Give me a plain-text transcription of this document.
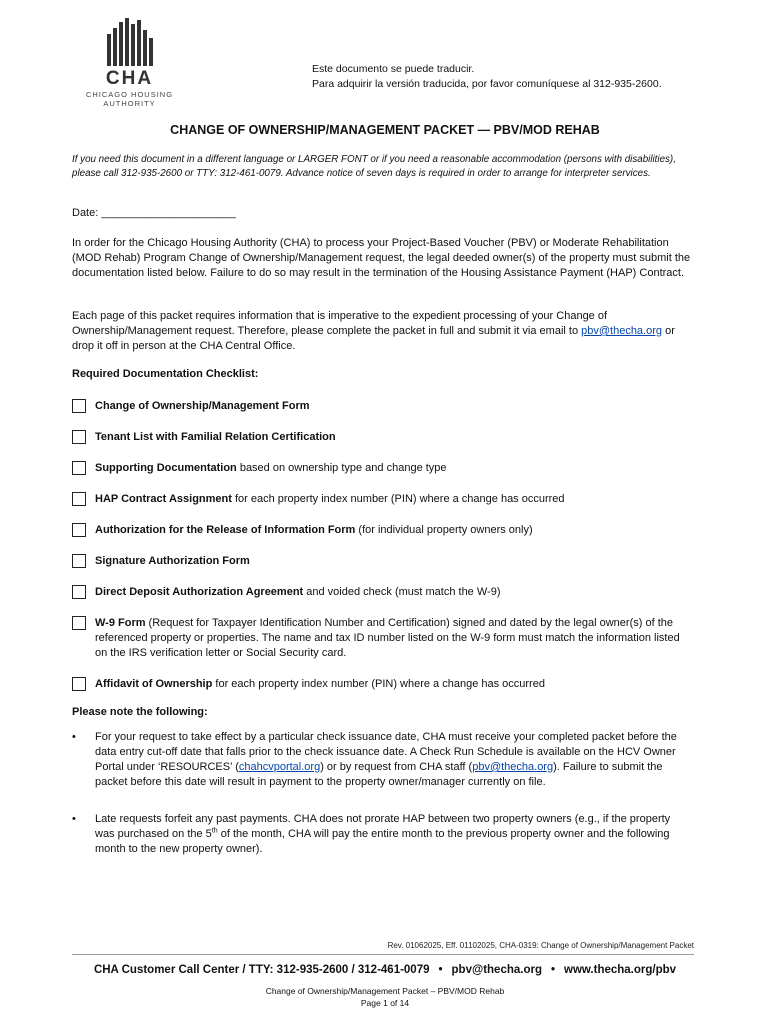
CHA
CHICAGO HOUSING
AUTHORITY
Este documento se puede traducir.
Para adquirir la versión traducida, por favor comuníquese al 312-935-2600.
CHANGE OF OWNERSHIP/MANAGEMENT PACKET — PBV/MOD REHAB
If you need this document in a different language or LARGER FONT or if you need a reasonable accommodation (persons with disabilities), please call 312-935-2600 or TTY: 312-461-0079. Advance notice of seven days is required in order to arrange for interpreter services.
Date: ______________________
In order for the Chicago Housing Authority (CHA) to process your Project-Based Voucher (PBV) or Moderate Rehabilitation (MOD Rehab) Program Change of Ownership/Management request, the legal deeded owner(s) of the property must submit the documentation listed below. Failure to do so may result in the termination of the Housing Assistance Payment (HAP) Contract.
Each page of this packet requires information that is imperative to the expedient processing of your Change of Ownership/Management request. Therefore, please complete the packet in full and submit it via email to pbv@thecha.org or drop it off in person at the CHA Central Office.
Required Documentation Checklist:
Change of Ownership/Management Form
Tenant List with Familial Relation Certification
Supporting Documentation based on ownership type and change type
HAP Contract Assignment for each property index number (PIN) where a change has occurred
Authorization for the Release of Information Form (for individual property owners only)
Signature Authorization Form
Direct Deposit Authorization Agreement and voided check (must match the W-9)
W-9 Form (Request for Taxpayer Identification Number and Certification) signed and dated by the legal owner(s) of the referenced property or properties. The name and tax ID number listed on the W-9 form must match the information listed on the IRS verification letter or Social Security card.
Affidavit of Ownership for each property index number (PIN) where a change has occurred
Please note the following:
• For your request to take effect by a particular check issuance date, CHA must receive your completed packet before the data entry cut-off date that falls prior to the check issuance date. A Check Run Schedule is available on the HCV Owner Portal under ‘RESOURCES’ (chahcvportal.org) or by request from CHA staff (pbv@thecha.org). Failure to submit the packet before this date will result in payment to the property owner/manager currently on file.
• Late requests forfeit any past payments. CHA does not prorate HAP between two property owners (e.g., if the property was purchased on the 5th of the month, CHA will pay the entire month to the previous property owner and the following month to the new property owner).
Rev. 01062025, Eff. 01102025, CHA-0319: Change of Ownership/Management Packet
CHA Customer Call Center / TTY: 312-935-2600 / 312-461-0079 • pbv@thecha.org • www.thecha.org/pbv
Change of Ownership/Management Packet – PBV/MOD Rehab
Page 1 of 14
